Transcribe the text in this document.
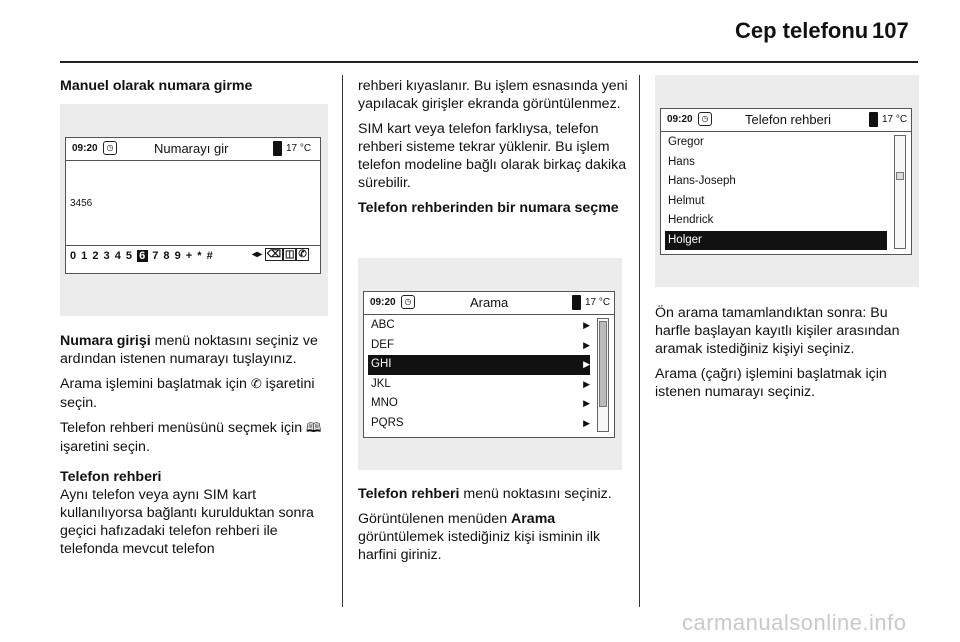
Cep telefonu 107
Manuel olarak numara girme
09:20	◷	Numarayı gir	17 °C
3456
0 1 2 3 4 5 6 7 8 9 + * #	◂▸ ⌫ ◫ ✆

Numara girişi menü noktasını seçiniz ve ardından istenen numarayı tuşlayınız.

Arama işlemini başlatmak için ✆ işaretini seçin.

Telefon rehberi menüsünü seçmek için 🕮 işaretini seçin.

Telefon rehberi

Aynı telefon veya aynı SIM kart kullanılıyorsa bağlantı kurulduktan sonra geçici hafızadaki telefon rehberi ile telefonda mevcut telefon

rehberi kıyaslanır. Bu işlem esnasında yeni yapılacak girişler ekranda görüntülenmez.

SIM kart veya telefon farklıysa, telefon rehberi sisteme tekrar yüklenir. Bu işlem telefon modeline bağlı olarak birkaç dakika sürebilir.

Telefon rehberinden bir numara seçme
09:20	◷	Arama	17 °C
ABC	▶
DEF	▶
GHI	▶
JKL	▶
MNO	▶
PQRS	▶

Telefon rehberi menü noktasını seçiniz.

Görüntülenen menüden Arama görüntülemek istediğiniz kişi isminin ilk harfini giriniz.

09:20	◷	Telefon rehberi	17 °C
Gregor
Hans
Hans-Joseph
Helmut
Hendrick
Holger

Ön arama tamamlandıktan sonra: Bu harfle başlayan kayıtlı kişiler arasından aramak istediğiniz kişiyi seçiniz.

Arama (çağrı) işlemini başlatmak için istenen numarayı seçiniz.

carmanualsonline.info
